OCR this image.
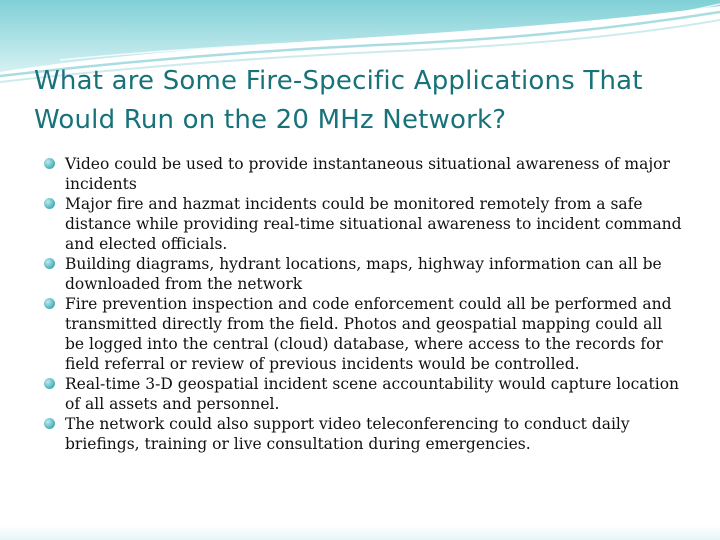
What are Some Fire-Specific Applications That Would Run on the 20 MHz Network?
Video could be used to provide instantaneous situational awareness of major incidents
Major fire and hazmat incidents could be monitored remotely from a safe distance while providing real-time situational awareness to incident command and elected officials.
Building diagrams, hydrant locations, maps, highway information can all be downloaded from the network
Fire prevention inspection and code enforcement could all be performed and transmitted directly from the field. Photos and geospatial mapping could all be logged into the central (cloud) database, where access to the records for field referral or review of previous incidents would be controlled.
Real-time 3-D geospatial incident scene accountability would capture location of all assets and personnel.
The network could also support video teleconferencing to conduct daily briefings, training or live consultation during emergencies.
